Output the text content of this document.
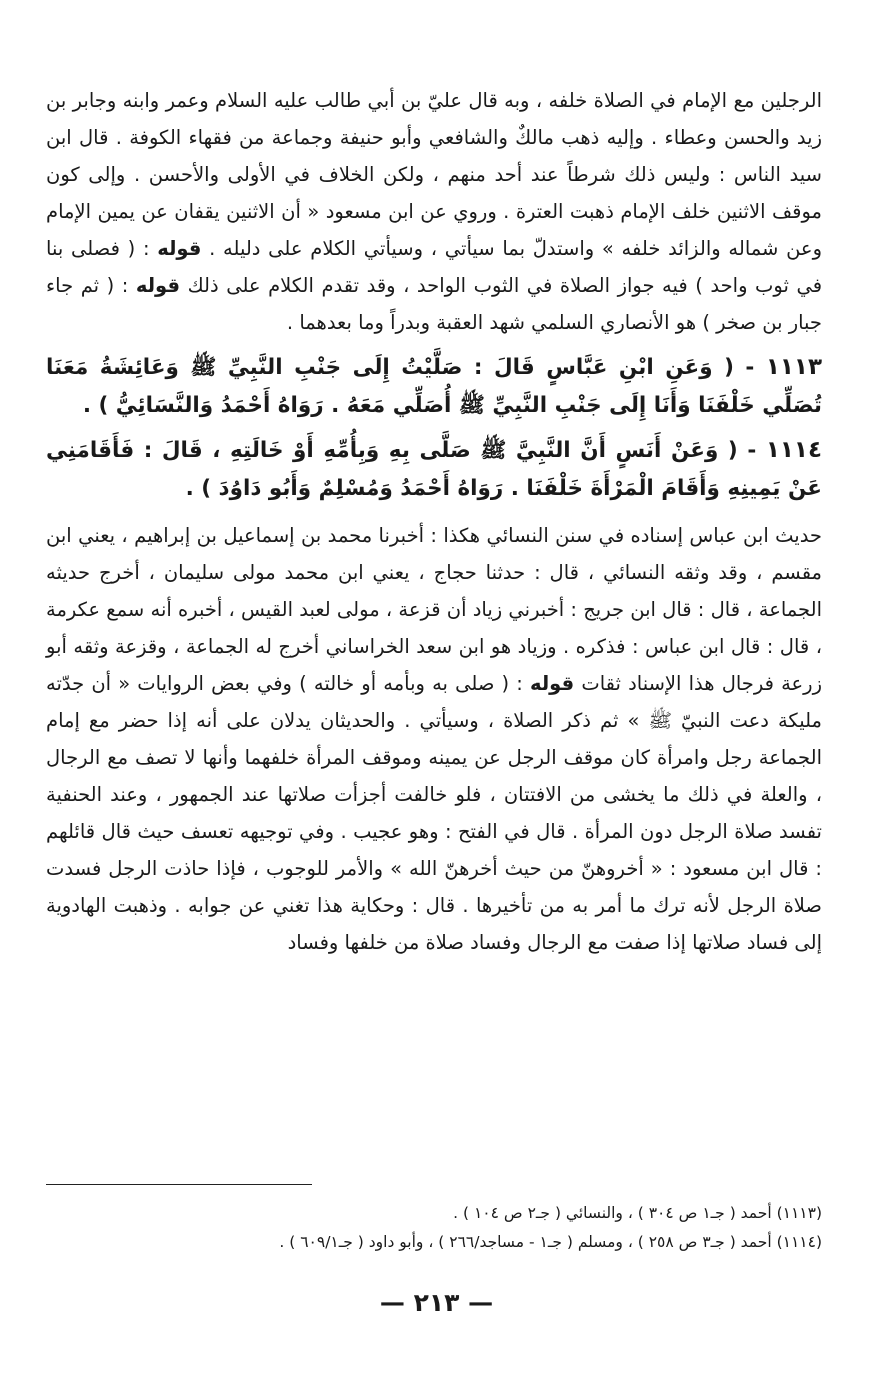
الرجلين مع الإمام في الصلاة خلفه ، وبه قال عليّ بن أبي طالب عليه السلام وعمر وابنه وجابر بن زيد والحسن وعطاء . وإليه ذهب مالكٌ والشافعي وأبو حنيفة وجماعة من فقهاء الكوفة . قال ابن سيد الناس : وليس ذلك شرطاً عند أحد منهم ، ولكن الخلاف في الأولى والأحسن . وإلى كون موقف الاثنين خلف الإمام ذهبت العترة . وروي عن ابن مسعود « أن الاثنين يقفان عن يمين الإمام وعن شماله والزائد خلفه » واستدلّ بما سيأتي ، وسيأتي الكلام على دليله . قوله : ( فصلى بنا في ثوب واحد ) فيه جواز الصلاة في الثوب الواحد ، وقد تقدم الكلام على ذلك قوله : ( ثم جاء جبار بن صخر ) هو الأنصاري السلمي شهد العقبة وبدراً وما بعدهما .

١١١٣ - ( وَعَنِ ابْنِ عَبَّاسٍ قَالَ : صَلَّيْتُ إِلَى جَنْبِ النَّبِيِّ ﷺ وَعَائِشَةُ مَعَنَا تُصَلِّي خَلْفَنَا وَأَنَا إِلَى جَنْبِ النَّبِيِّ ﷺ أُصَلِّي مَعَهُ . رَوَاهُ أَحْمَدُ وَالنَّسَائِيُّ ) .

١١١٤ - ( وَعَنْ أَنَسٍ أَنَّ النَّبِيَّ ﷺ صَلَّى بِهِ وَبِأُمِّهِ أَوْ خَالَتِهِ ، قَالَ : فَأَقَامَنِي عَنْ يَمِينِهِ وَأَقَامَ الْمَرْأَةَ خَلْفَنَا . رَوَاهُ أَحْمَدُ وَمُسْلِمٌ وَأَبُو دَاوُدَ ) .

حديث ابن عباس إسناده في سنن النسائي هكذا : أخبرنا محمد بن إسماعيل بن إبراهيم ، يعني ابن مقسم ، وقد وثقه النسائي ، قال : حدثنا حجاج ، يعني ابن محمد مولى سليمان ، أخرج حديثه الجماعة ، قال : قال ابن جريج : أخبرني زياد أن قزعة ، مولى لعبد القيس ، أخبره أنه سمع عكرمة ، قال : قال ابن عباس : فذكره . وزياد هو ابن سعد الخراساني أخرج له الجماعة ، وقزعة وثقه أبو زرعة فرجال هذا الإسناد ثقات قوله : ( صلى به وبأمه أو خالته ) وفي بعض الروايات « أن جدّته مليكة دعت النبيّ ﷺ » ثم ذكر الصلاة ، وسيأتي . والحديثان يدلان على أنه إذا حضر مع إمام الجماعة رجل وامرأة كان موقف الرجل عن يمينه وموقف المرأة خلفهما وأنها لا تصف مع الرجال ، والعلة في ذلك ما يخشى من الافتتان ، فلو خالفت أجزأت صلاتها عند الجمهور ، وعند الحنفية تفسد صلاة الرجل دون المرأة . قال في الفتح : وهو عجيب . وفي توجيهه تعسف حيث قال قائلهم : قال ابن مسعود : « أخروهنّ من حيث أخرهنّ الله » والأمر للوجوب ، فإذا حاذت الرجل فسدت صلاة الرجل لأنه ترك ما أمر به من تأخيرها . قال : وحكاية هذا تغني عن جوابه . وذهبت الهادوية إلى فساد صلاتها إذا صفت مع الرجال وفساد صلاة من خلفها وفساد

(١١١٣) أحمد ( جـ١ ص ٣٠٤ ) ، والنسائي ( جـ٢ ص ١٠٤ ) .

(١١١٤) أحمد ( جـ٣ ص ٢٥٨ ) ، ومسلم ( جـ١ - مساجد/٢٦٦ ) ، وأبو داود ( جـ٦٠٩/١ ) .

— ٢١٣ —
